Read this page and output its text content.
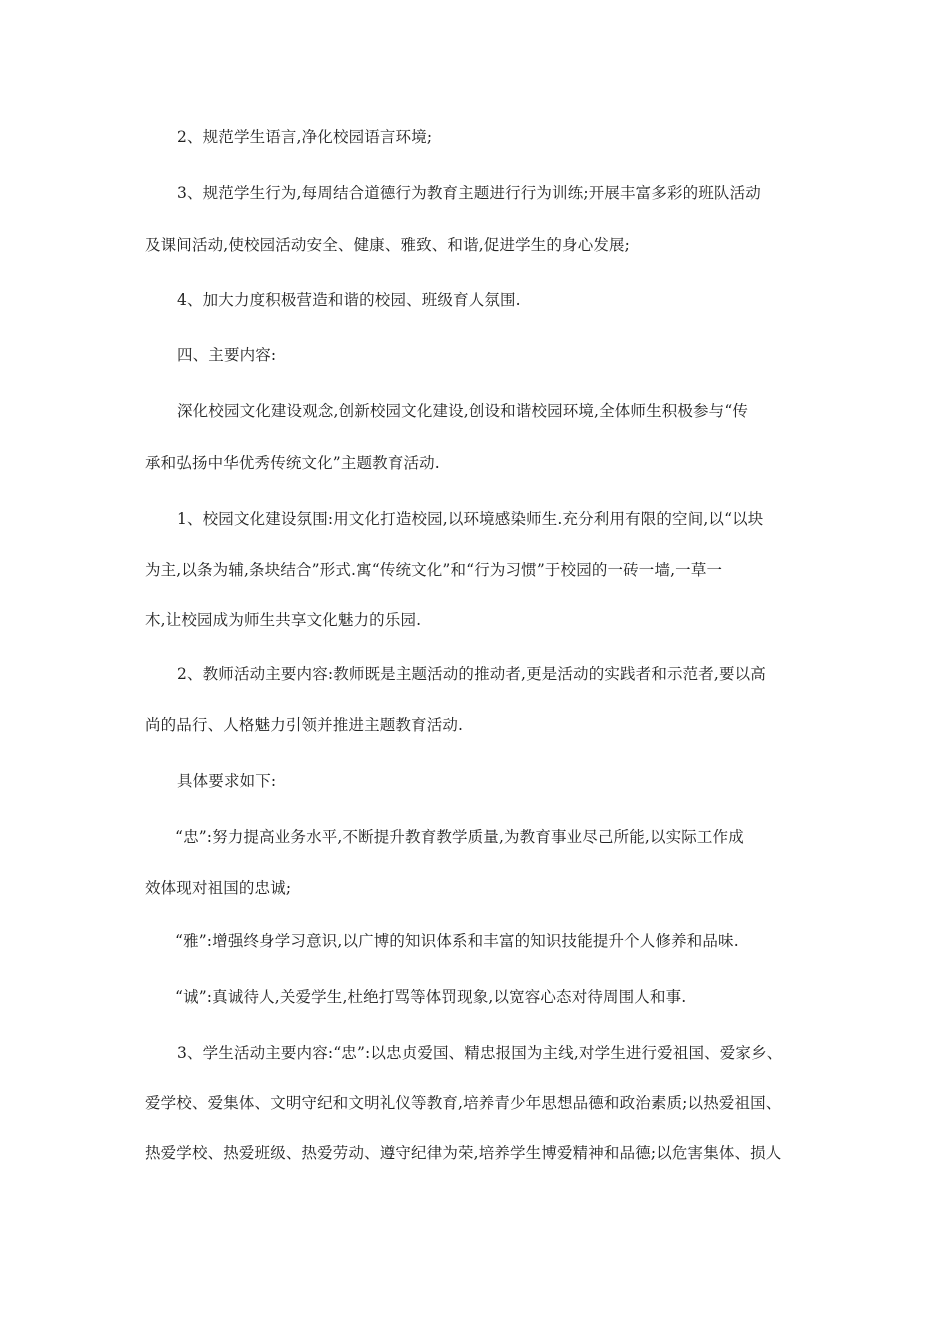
2、规范学生语言,净化校园语言环境;
3、规范学生行为,每周结合道德行为教育主题进行行为训练;开展丰富多彩的班队活动
及课间活动,使校园活动安全、健康、雅致、和谐,促进学生的身心发展;
4、加大力度积极营造和谐的校园、班级育人氛围.
四、主要内容:
深化校园文化建设观念,创新校园文化建设,创设和谐校园环境,全体师生积极参与“传
承和弘扬中华优秀传统文化”主题教育活动.
1、校园文化建设氛围:用文化打造校园,以环境感染师生.充分利用有限的空间,以“以块
为主,以条为辅,条块结合”形式.寓“传统文化”和“行为习惯”于校园的一砖一墙,一草一
木,让校园成为师生共享文化魅力的乐园.
2、教师活动主要内容:教师既是主题活动的推动者,更是活动的实践者和示范者,要以高
尚的品行、人格魅力引领并推进主题教育活动.
具体要求如下:
“忠”:努力提高业务水平,不断提升教育教学质量,为教育事业尽己所能,以实际工作成
效体现对祖国的忠诚;
“雅”:增强终身学习意识,以广博的知识体系和丰富的知识技能提升个人修养和品味.
“诚”:真诚待人,关爱学生,杜绝打骂等体罚现象,以宽容心态对待周围人和事.
3、学生活动主要内容:“忠”:以忠贞爱国、精忠报国为主线,对学生进行爱祖国、爱家乡、
爱学校、爱集体、文明守纪和文明礼仪等教育,培养青少年思想品德和政治素质;以热爱祖国、
热爱学校、热爱班级、热爱劳动、遵守纪律为荣,培养学生博爱精神和品德;以危害集体、损人
